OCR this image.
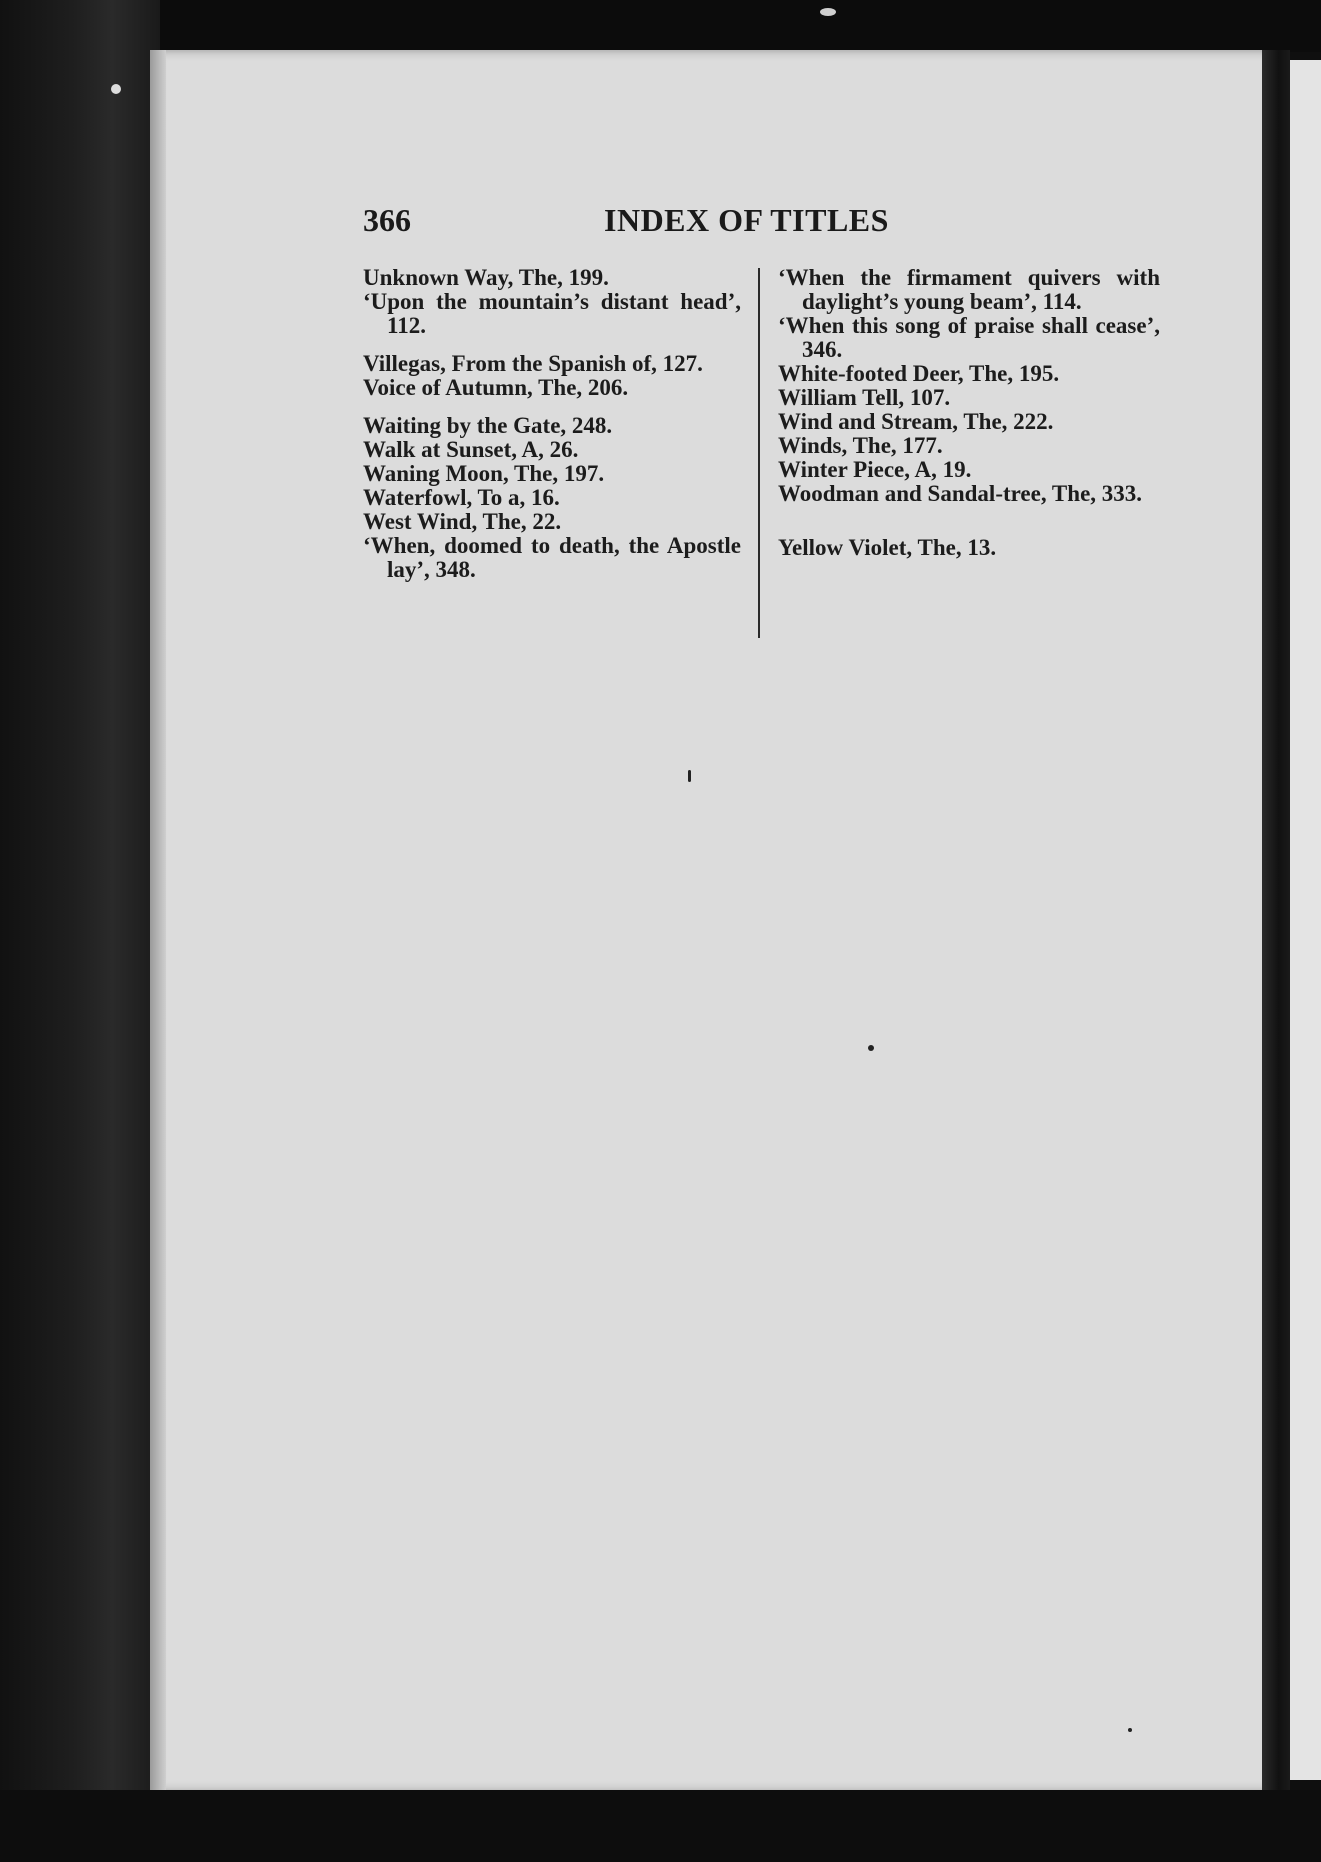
366	INDEX OF TITLES

Unknown Way, The, 199.

‘Upon the mountain’s distant head’, 112.

Villegas, From the Spanish of, 127.

Voice of Autumn, The, 206.

Waiting by the Gate, 248.

Walk at Sunset, A, 26.

Waning Moon, The, 197.

Waterfowl, To a, 16.

West Wind, The, 22.

‘When, doomed to death, the Apostle lay’, 348.

‘When the firmament quivers with daylight’s young beam’, 114.

‘When this song of praise shall cease’, 346.

White-footed Deer, The, 195.

William Tell, 107.

Wind and Stream, The, 222.

Winds, The, 177.

Winter Piece, A, 19.

Woodman and Sandal-tree, The, 333.

Yellow Violet, The, 13.
